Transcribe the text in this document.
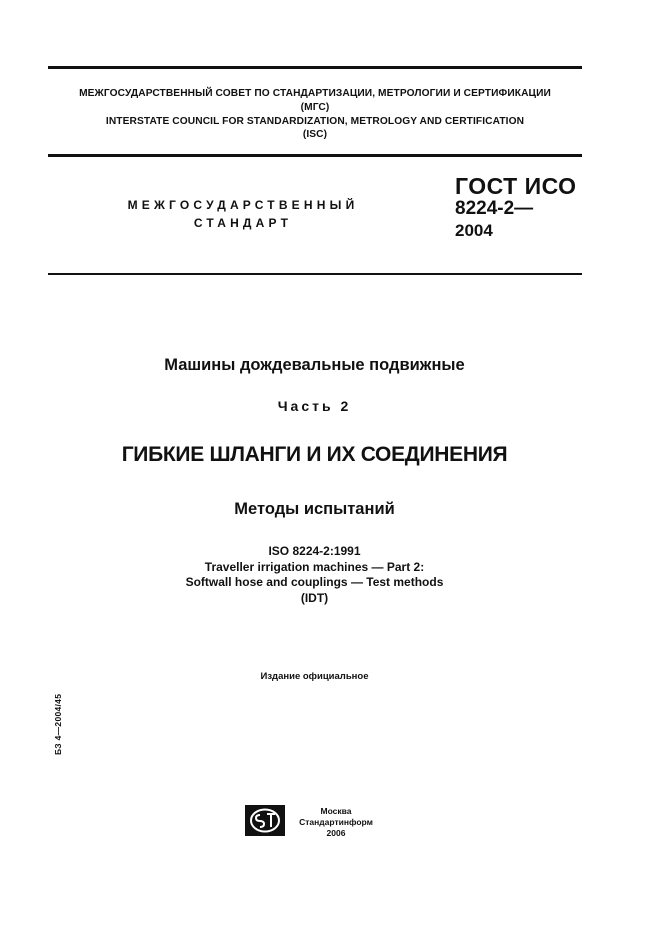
МЕЖГОСУДАРСТВЕННЫЙ СОВЕТ ПО СТАНДАРТИЗАЦИИ, МЕТРОЛОГИИ И СЕРТИФИКАЦИИ
(МГС)
INTERSTATE COUNCIL FOR STANDARDIZATION, METROLOGY AND CERTIFICATION
(ISC)
МЕЖГОСУДАРСТВЕННЫЙ
СТАНДАРТ
ГОСТ ИСО
8224-2—
2004
Машины дождевальные подвижные
Часть 2
ГИБКИЕ ШЛАНГИ И ИХ СОЕДИНЕНИЯ
Методы испытаний
ISO 8224-2:1991
Traveller irrigation machines — Part 2:
Softwall hose and couplings — Test methods
(IDT)
Издание официальное
БЗ 4—2004/45
Москва
Стандартинформ
2006
